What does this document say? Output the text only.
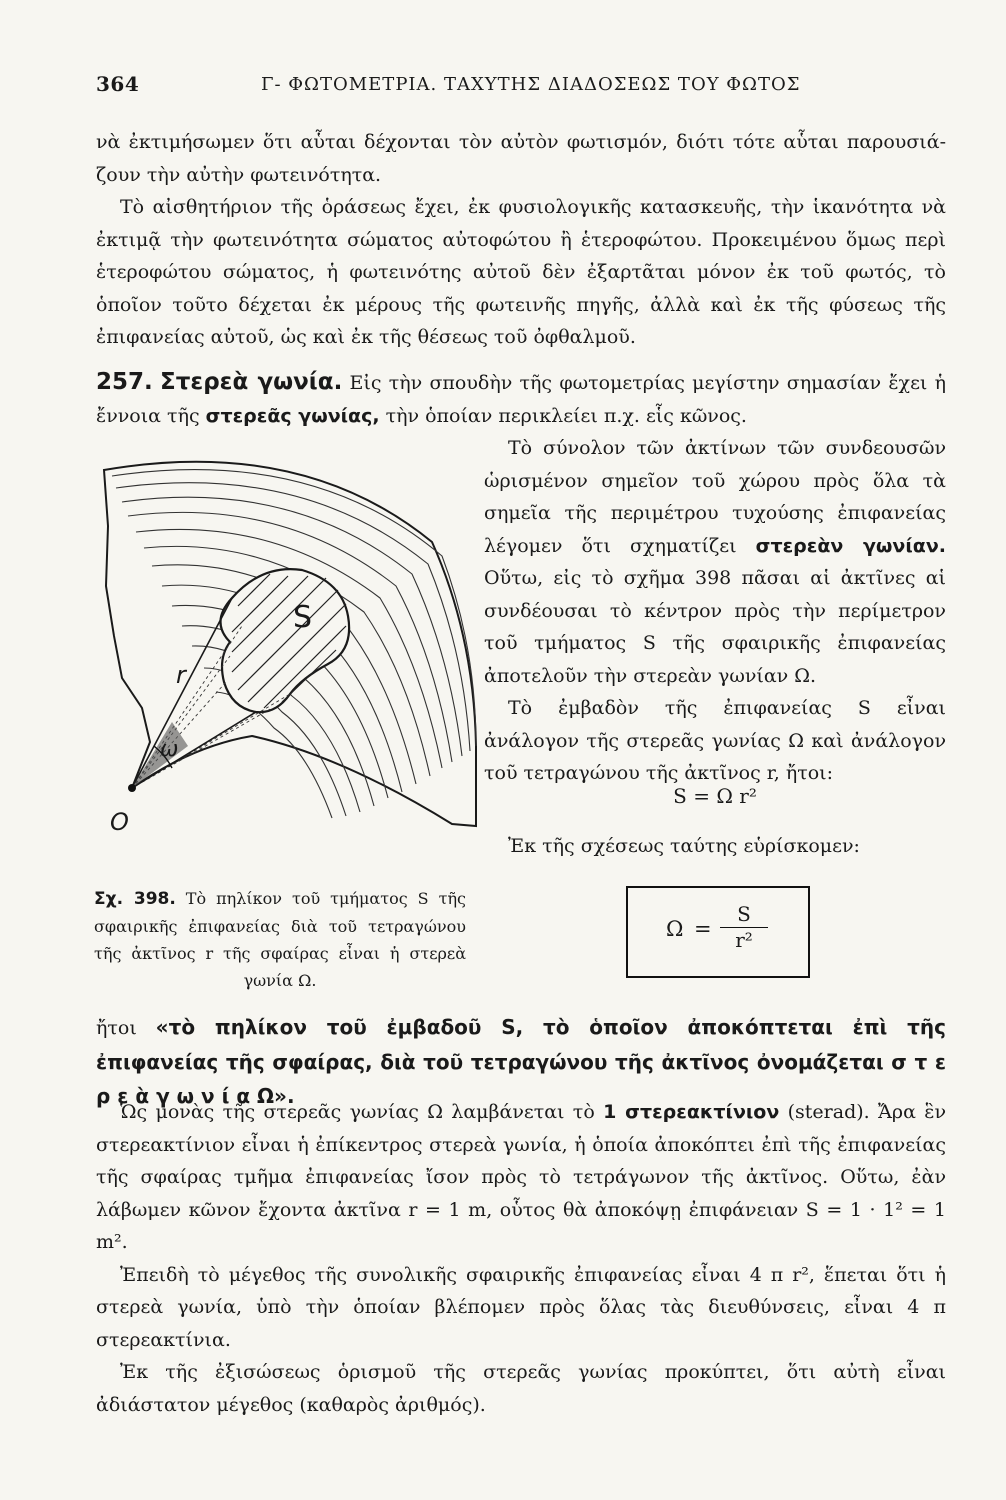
364	Γ- ΦΩΤΟΜΕΤΡΙΑ. ΤΑΧΥΤΗΣ ΔΙΑΔΟΣΕΩΣ ΤΟΥ ΦΩΤΟΣ

νὰ ἐκτιμήσωμεν ὅτι αὗται δέχονται τὸν αὐτὸν φωτισμόν, διότι τότε αὗται παρουσιά- ζουν τὴν αὐτὴν φωτεινότητα.

Τὸ αἰσθητήριον τῆς ὁράσεως ἔχει, ἐκ φυσιολογικῆς κατασκευῆς, τὴν ἱκανότητα νὰ ἐκτιμᾷ τὴν φωτεινότητα σώματος αὐτοφώτου ἢ ἑτεροφώτου. Προκειμένου ὅμως περὶ ἑτεροφώτου σώματος, ἡ φωτεινότης αὐτοῦ δὲν ἐξαρτᾶται μόνον ἐκ τοῦ φωτός, τὸ ὁποῖον τοῦτο δέχεται ἐκ μέρους τῆς φωτεινῆς πηγῆς, ἀλλὰ καὶ ἐκ τῆς φύσεως τῆς ἐπιφανείας αὐτοῦ, ὡς καὶ ἐκ τῆς θέσεως τοῦ ὀφθαλμοῦ.

257. Στερεὰ γωνία. Εἰς τὴν σπουδὴν τῆς φωτομετρίας μεγίστην σημασίαν ἔχει ἡ ἔννοια τῆς στερεᾶς γωνίας, τὴν ὁποίαν περικλείει π.χ. εἷς κῶνος.

S
r
ω
O

Τὸ σύνολον τῶν ἀκτίνων τῶν συνδεουσῶν ὡρισμένον σημεῖον τοῦ χώρου πρὸς ὅλα τὰ σημεῖα τῆς περιμέτρου τυχούσης ἐπιφανείας λέγομεν ὅτι σχηματίζει στερεὰν γωνίαν. Οὕτω, εἰς τὸ σχῆμα 398 πᾶσαι αἱ ἀκτῖνες αἱ συνδέουσαι τὸ κέντρον πρὸς τὴν περίμετρον τοῦ τμήματος S τῆς σφαιρικῆς ἐπιφανείας ἀποτελοῦν τὴν στερεὰν γωνίαν Ω.

Τὸ ἐμβαδὸν τῆς ἐπιφανείας S εἶναι ἀνάλογον τῆς στερεᾶς γωνίας Ω καὶ ἀνάλογον τοῦ τετραγώνου τῆς ἀκτῖνος r, ἤτοι:

S = Ω r²

Ἐκ τῆς σχέσεως ταύτης εὑρίσκομεν:

$\Omega = \frac{S}{\text{r²}}$
Σχ. 398. Τὸ πηλίκον τοῦ τμήματος S τῆς σφαιρικῆς ἐπιφανείας διὰ τοῦ τετραγώνου τῆς ἀκτῖνος r τῆς σφαίρας εἶναι ἡ στερεὰ γωνία Ω.

ἤτοι «τὸ πηλίκον τοῦ ἐμβαδοῦ S, τὸ ὁποῖον ἀποκόπτεται ἐπὶ τῆς ἐπιφανείας τῆς σφαίρας, διὰ τοῦ τετραγώνου τῆς ἀκτῖνος ὀνομάζεται σ τ ε ρ ε ὰ γ ω ν ί α Ω».

Ὡς μονὰς τῆς στερεᾶς γωνίας Ω λαμβάνεται τὸ 1 στερεακτίνιον (sterad). Ἄρα ἓν στερεακτίνιον εἶναι ἡ ἐπίκεντρος στερεὰ γωνία, ἡ ὁποία ἀποκόπτει ἐπὶ τῆς ἐπιφανείας τῆς σφαίρας τμῆμα ἐπιφανείας ἴσον πρὸς τὸ τετράγωνον τῆς ἀκτῖνος. Οὕτω, ἐὰν λάβωμεν κῶνον ἔχοντα ἀκτῖνα r = 1 m, οὗτος θὰ ἀποκόψῃ ἐπιφάνειαν S = 1 · 1² = 1 m².

Ἐπειδὴ τὸ μέγεθος τῆς συνολικῆς σφαιρικῆς ἐπιφανείας εἶναι 4 π r², ἕπεται ὅτι ἡ στερεὰ γωνία, ὑπὸ τὴν ὁποίαν βλέπομεν πρὸς ὅλας τὰς διευθύνσεις, εἶναι 4 π στερεακτίνια.

Ἐκ τῆς ἐξισώσεως ὁρισμοῦ τῆς στερεᾶς γωνίας προκύπτει, ὅτι αὐτὴ εἶναι ἀδιάστατον μέγεθος (καθαρὸς ἀριθμός).
